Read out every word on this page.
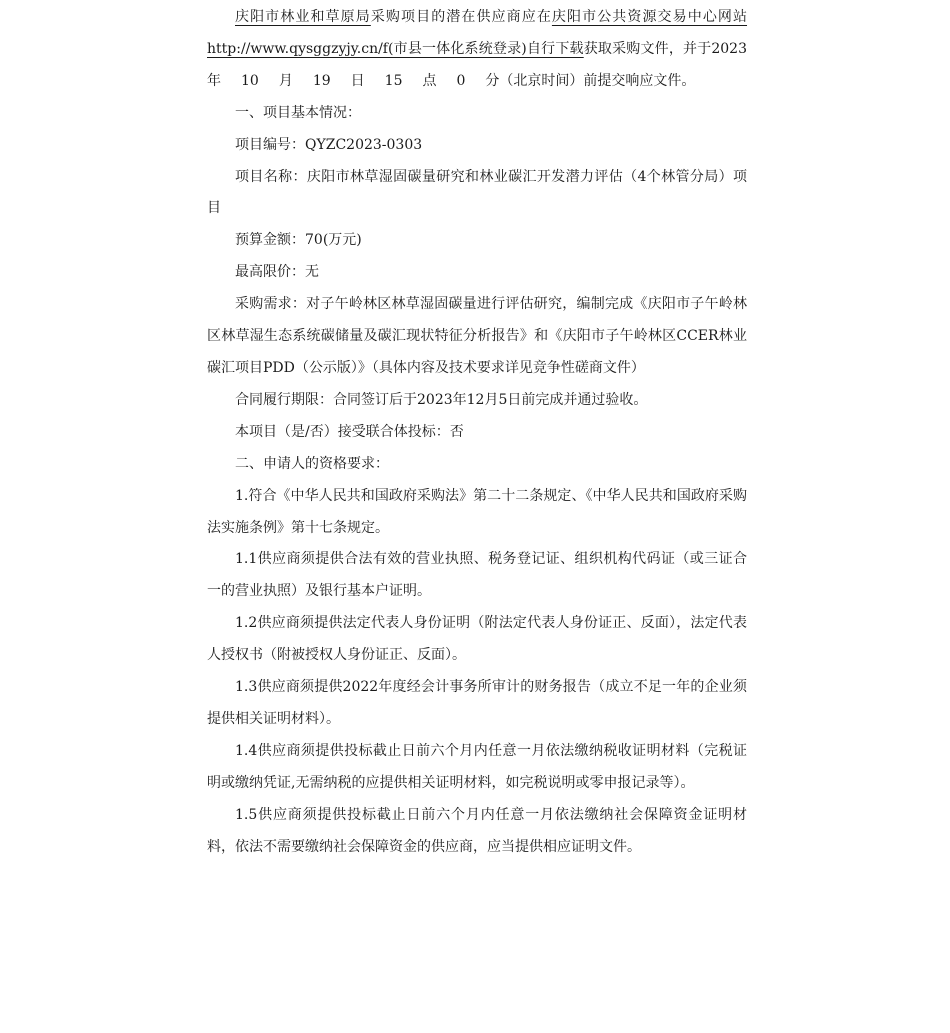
庆阳市林业和草原局采购项目的潜在供应商应在庆阳市公共资源交易中心网站http://www.qysggzyjy.cn/f(市县一体化系统登录)自行下载获取采购文件，并于2023年 10 月 19 日 15 点 0 分（北京时间）前提交响应文件。

一、项目基本情况：

项目编号：QYZC2023-0303

项目名称：庆阳市林草湿固碳量研究和林业碳汇开发潜力评估（4个林管分局）项目

预算金额：70(万元)

最高限价：无

采购需求：对子午岭林区林草湿固碳量进行评估研究，编制完成《庆阳市子午岭林区林草湿生态系统碳储量及碳汇现状特征分析报告》和《庆阳市子午岭林区CCER林业碳汇项目PDD（公示版）》（具体内容及技术要求详见竞争性磋商文件）

合同履行期限：合同签订后于2023年12月5日前完成并通过验收。

本项目（是/否）接受联合体投标：否

二、申请人的资格要求：

1.符合《中华人民共和国政府采购法》第二十二条规定、《中华人民共和国政府采购法实施条例》第十七条规定。

1.1供应商须提供合法有效的营业执照、税务登记证、组织机构代码证（或三证合一的营业执照）及银行基本户证明。

1.2供应商须提供法定代表人身份证明（附法定代表人身份证正、反面），法定代表人授权书（附被授权人身份证正、反面）。

1.3供应商须提供2022年度经会计事务所审计的财务报告（成立不足一年的企业须提供相关证明材料）。

1.4供应商须提供投标截止日前六个月内任意一月依法缴纳税收证明材料（完税证明或缴纳凭证,无需纳税的应提供相关证明材料，如完税说明或零申报记录等）。

1.5供应商须提供投标截止日前六个月内任意一月依法缴纳社会保障资金证明材料，依法不需要缴纳社会保障资金的供应商，应当提供相应证明文件。
